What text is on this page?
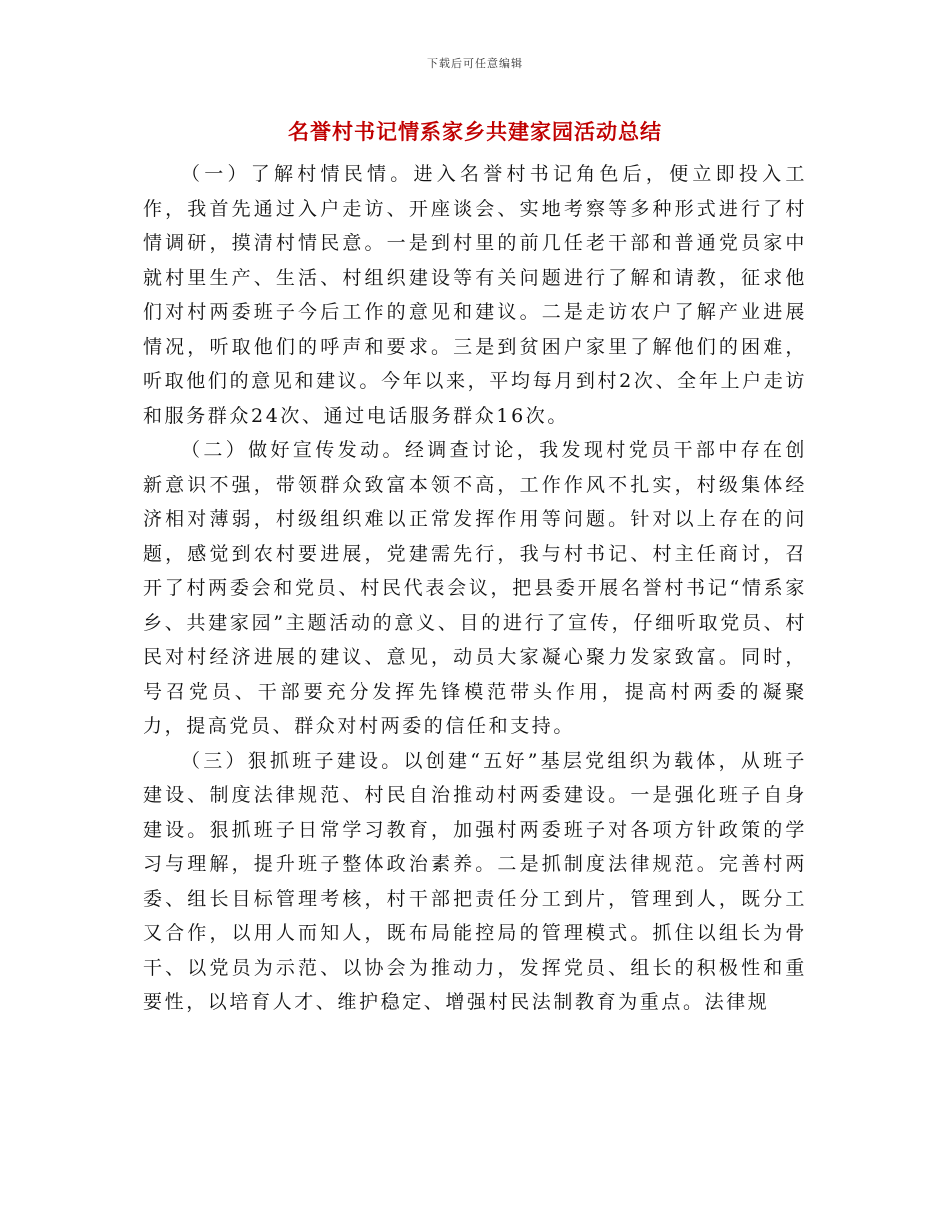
下载后可任意编辑
名誉村书记情系家乡共建家园活动总结

（一）了解村情民情。进入名誉村书记角色后，便立即投入工作，我首先通过入户走访、开座谈会、实地考察等多种形式进行了村情调研，摸清村情民意。一是到村里的前几任老干部和普通党员家中就村里生产、生活、村组织建设等有关问题进行了解和请教，征求他们对村两委班子今后工作的意见和建议。二是走访农户了解产业进展情况，听取他们的呼声和要求。三是到贫困户家里了解他们的困难，听取他们的意见和建议。今年以来，平均每月到村2次、全年上户走访和服务群众24次、通过电话服务群众16次。

（二）做好宣传发动。经调查讨论，我发现村党员干部中存在创新意识不强，带领群众致富本领不高，工作作风不扎实，村级集体经济相对薄弱，村级组织难以正常发挥作用等问题。针对以上存在的问题，感觉到农村要进展，党建需先行，我与村书记、村主任商讨，召开了村两委会和党员、村民代表会议，把县委开展名誉村书记“情系家乡、共建家园”主题活动的意义、目的进行了宣传，仔细听取党员、村民对村经济进展的建议、意见，动员大家凝心聚力发家致富。同时，号召党员、干部要充分发挥先锋模范带头作用，提高村两委的凝聚力，提高党员、群众对村两委的信任和支持。

（三）狠抓班子建设。以创建“五好”基层党组织为载体，从班子建设、制度法律规范、村民自治推动村两委建设。一是强化班子自身建设。狠抓班子日常学习教育，加强村两委班子对各项方针政策的学习与理解，提升班子整体政治素养。二是抓制度法律规范。完善村两委、组长目标管理考核，村干部把责任分工到片，管理到人，既分工又合作，以用人而知人，既布局能控局的管理模式。抓住以组长为骨干、以党员为示范、以协会为推动力，发挥党员、组长的积极性和重要性，以培育人才、维护稳定、增强村民法制教育为重点。法律规
